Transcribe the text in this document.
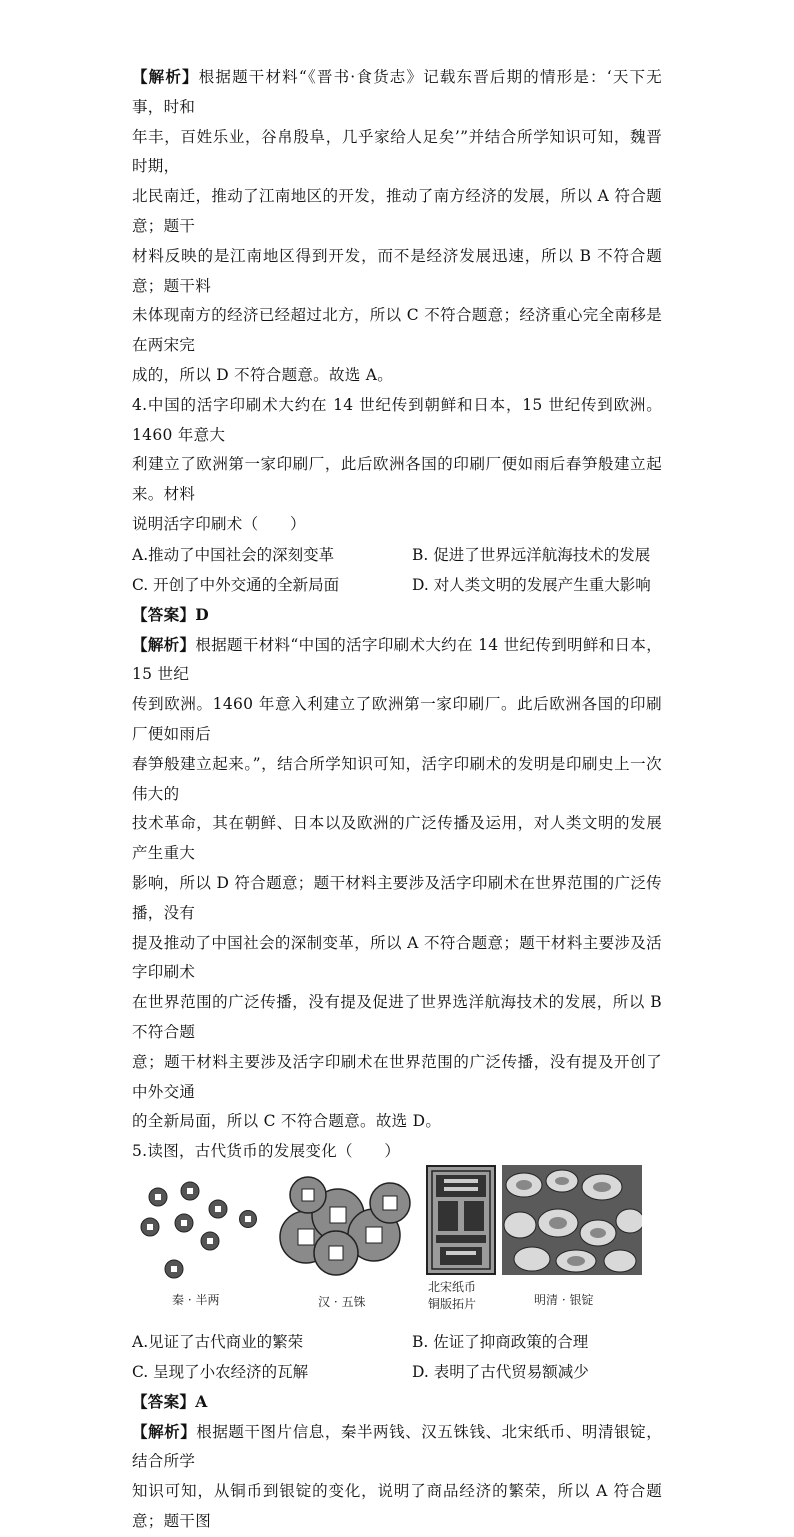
【解析】根据题干材料“《晋书·食货志》记载东晋后期的情形是：‘天下无事，时和

年丰，百姓乐业，谷帛殷阜，几乎家给人足矣’”并结合所学知识可知，魏晋时期，

北民南迁，推动了江南地区的开发，推动了南方经济的发展，所以 A 符合题意；题干

材料反映的是江南地区得到开发，而不是经济发展迅速，所以 B 不符合题意；题干料

未体现南方的经济已经超过北方，所以 C 不符合题意；经济重心完全南移是在两宋完

成的，所以 D 不符合题意。故选 A。

4.中国的活字印刷术大约在 14 世纪传到朝鲜和日本，15 世纪传到欧洲。1460 年意大

利建立了欧洲第一家印刷厂，此后欧洲各国的印刷厂便如雨后春笋般建立起来。材料

说明活字印刷术（　　）

A.推动了中国社会的深刻变革	B. 促进了世界远洋航海技术的发展
C. 开创了中外交通的全新局面	D. 对人类文明的发展产生重大影响

【答案】D

【解析】根据题干材料“中国的活字印刷术大约在 14 世纪传到明鲜和日本，15 世纪

传到欧洲。1460 年意入利建立了欧洲第一家印刷厂。此后欧洲各国的印刷厂便如雨后

春笋般建立起来。”，结合所学知识可知，活字印刷术的发明是印刷史上一次伟大的

技术革命，其在朝鲜、日本以及欧洲的广泛传播及运用，对人类文明的发展产生重大

影响，所以 D 符合题意；题干材料主要涉及活字印刷术在世界范围的广泛传播，没有

提及推动了中国社会的深制变革，所以 A 不符合题意；题干材料主要涉及活字印刷术

在世界范围的广泛传播，没有提及促进了世界选洋航海技术的发展，所以 B 不符合题

意；题干材料主要涉及活字印刷术在世界范围的广泛传播，没有提及开创了中外交通

的全新局面，所以 C 不符合题意。故选 D。

5.读图，古代货币的发展变化（　　）

秦 · 半两	汉 · 五铢
北宋纸币
铜版拓片	明清 · 银锭
A.见证了古代商业的繁荣	B. 佐证了抑商政策的合理
C. 呈现了小农经济的瓦解	D. 表明了古代贸易额减少

【答案】A

【解析】根据题干图片信息，秦半两钱、汉五铢钱、北宋纸币、明清银锭，结合所学

知识可知，从铜币到银锭的变化，说明了商品经济的繁荣，所以 A 符合题意；题干图
